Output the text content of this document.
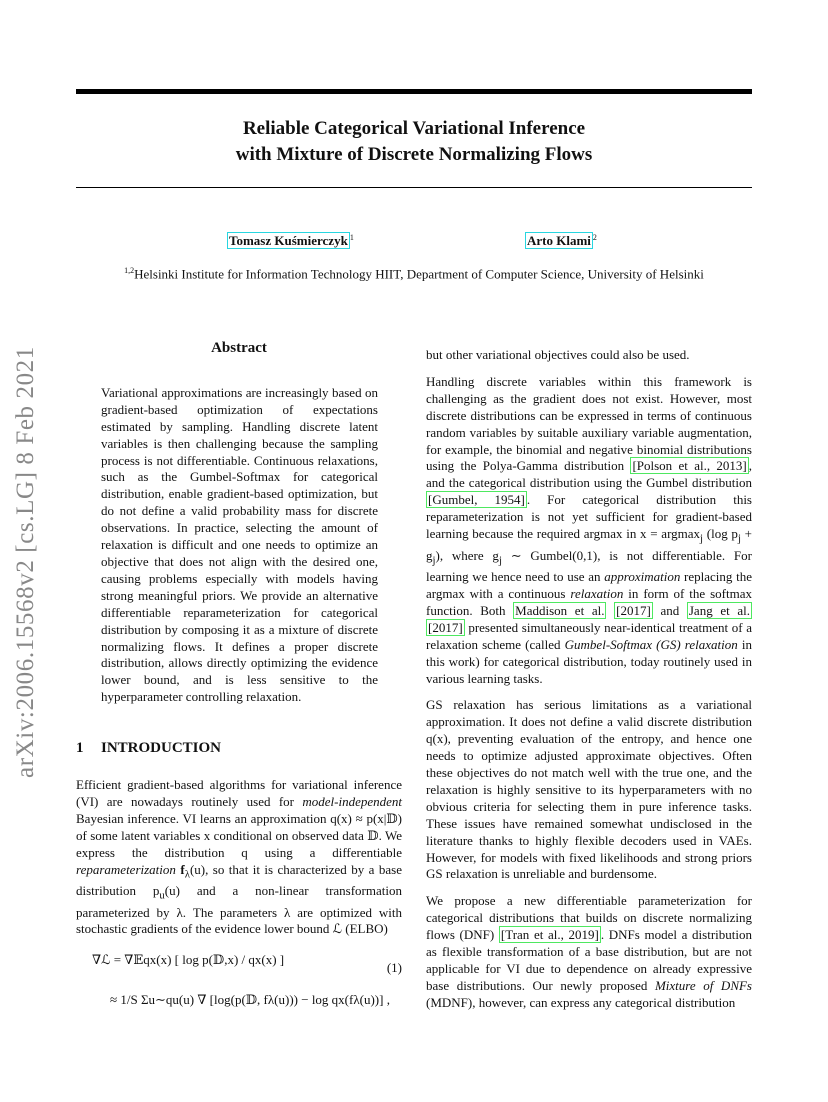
Reliable Categorical Variational Inference
with Mixture of Discrete Normalizing Flows
Tomasz Kuśmierczyk $^1$	Arto Klami $^2$
$^{1,2}$Helsinki Institute for Information Technology HIIT, Department of Computer Science, University of Helsinki
arXiv:2006.15568v2 [cs.LG] 8 Feb 2021	Abstract
Variational approximations are increasingly based on gradient-based optimization of expectations estimated by sampling. Handling discrete latent variables is then challenging because the sampling process is not differentiable. Continuous relaxations, such as the Gumbel-Softmax for categorical distribution, enable gradient-based optimization, but do not define a valid probability mass for discrete observations. In practice, selecting the amount of relaxation is difficult and one needs to optimize an objective that does not align with the desired one, causing problems especially with models having strong meaningful priors. We provide an alternative differentiable reparameterization for categorical distribution by composing it as a mixture of discrete normalizing flows. It defines a proper discrete distribution, allows directly optimizing the evidence lower bound, and is less sensitive to the hyperparameter controlling relaxation.
1 INTRODUCTION

Efficient gradient-based algorithms for variational inference (VI) are nowadays routinely used for model-independent Bayesian inference. VI learns an approximation q(x) ≈ p(x|𝔻) of some latent variables x conditional on observed data 𝔻. We express the distribution q using a differentiable reparameterization $f_\lambda(u)$, so that it is characterized by a base distribution $p_u(u)$ and a non-linear transformation parameterized by λ. The parameters λ are optimized with stochastic gradients of the evidence lower bound ℒ (ELBO)

∇ℒ = ∇𝔼qx(x) [ log p(𝔻,x) / qx(x) ]
(1)
≈ 1/S Σu∼qu(u) ∇ [log(p(𝔻, fλ(u))) − log qx(fλ(u))] ,

but other variational objectives could also be used.

Handling discrete variables within this framework is challenging as the gradient does not exist. However, most discrete distributions can be expressed in terms of continuous random variables by suitable auxiliary variable augmentation, for example, the binomial and negative binomial distributions using the Polya-Gamma distribution [Polson et al., 2013] , and the categorical distribution using the Gumbel distribution [Gumbel, 1954] . For categorical distribution this reparameterization is not yet sufficient for gradient-based learning because the required argmax in x = argmax$_j$ (log $p_j + g_j$), where $g_j$ ∼ Gumbel(0,1), is not differentiable. For learning we hence need to use an approximation replacing the argmax with a continuous relaxation in form of the softmax function. Both Maddison et al. [2017] and Jang et al. [2017] presented simultaneously near-identical treatment of a relaxation scheme (called Gumbel-Softmax (GS) relaxation in this work) for categorical distribution, today routinely used in various learning tasks.

GS relaxation has serious limitations as a variational approximation. It does not define a valid discrete distribution q(x), preventing evaluation of the entropy, and hence one needs to optimize adjusted approximate objectives. Often these objectives do not match well with the true one, and the relaxation is highly sensitive to its hyperparameters with no obvious criteria for selecting them in pure inference tasks. These issues have remained somewhat undisclosed in the literature thanks to highly flexible decoders used in VAEs. However, for models with fixed likelihoods and strong priors GS relaxation is unreliable and burdensome.

We propose a new differentiable parameterization for categorical distributions that builds on discrete normalizing flows (DNF) [Tran et al., 2019] . DNFs model a distribution as flexible transformation of a base distribution, but are not applicable for VI due to dependence on already expressive base distributions. Our newly proposed Mixture of DNFs (MDNF), however, can express any categorical distribution
